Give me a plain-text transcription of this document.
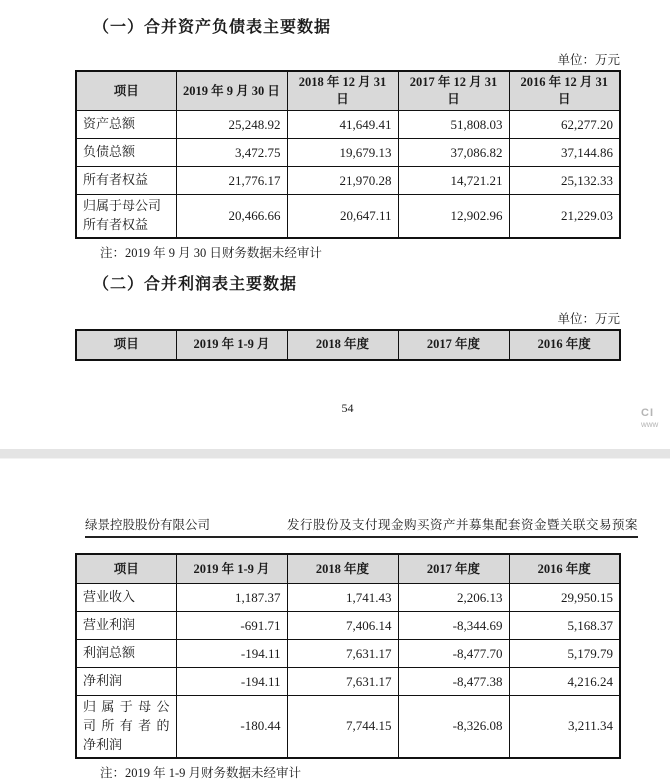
（一）合并资产负债表主要数据
单位：万元
项目	2019 年 9 月 30 日	2018 年 12 月 31 日	2017 年 12 月 31 日	2016 年 12 月 31 日
资产总额	25,248.92	41,649.41	51,808.03	62,277.20
负债总额	3,472.75	19,679.13	37,086.82	37,144.86
所有者权益	21,776.17	21,970.28	14,721.21	25,132.33
归属于母公司所有者权益	20,466.66	20,647.11	12,902.96	21,229.03
注：2019 年 9 月 30 日财务数据未经审计
（二）合并利润表主要数据
单位：万元
项目	2019 年 1-9 月	2018 年度	2017 年度	2016 年度
54	CI
www
绿景控股股份有限公司	发行股份及支付现金购买资产并募集配套资金暨关联交易预案
项目	2019 年 1-9 月	2018 年度	2017 年度	2016 年度
营业收入	1,187.37	1,741.43	2,206.13	29,950.15
营业利润	-691.71	7,406.14	-8,344.69	5,168.37
利润总额	-194.11	7,631.17	-8,477.70	5,179.79
净利润	-194.11	7,631.17	-8,477.38	4,216.24

归属于母公
司所有者的
净利润	-180.44	7,744.15	-8,326.08	3,211.34
注：2019 年 1-9 月财务数据未经审计
